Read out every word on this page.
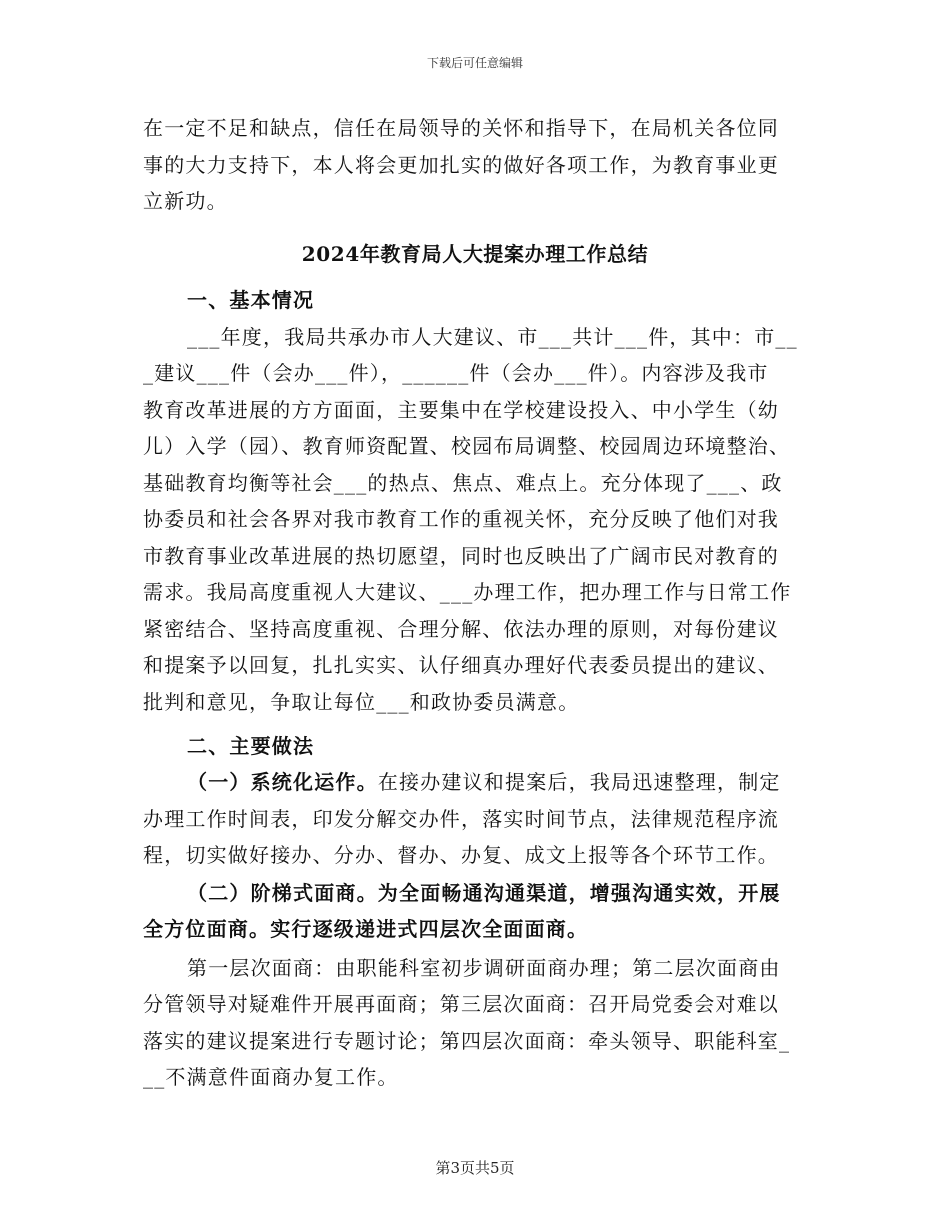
下载后可任意编辑
在一定不足和缺点，信任在局领导的关怀和指导下，在局机关各位同
事的大力支持下，本人将会更加扎实的做好各项工作，为教育事业更
立新功。
2024年教育局人大提案办理工作总结
一、基本情况
___年度，我局共承办市人大建议、市___共计___件，其中：市__
_建议___件（会办___件），______件（会办___件）。内容涉及我市
教育改革进展的方方面面，主要集中在学校建设投入、中小学生（幼
儿）入学（园）、教育师资配置、校园布局调整、校园周边环境整治、
基础教育均衡等社会___的热点、焦点、难点上。充分体现了___、政
协委员和社会各界对我市教育工作的重视关怀，充分反映了他们对我
市教育事业改革进展的热切愿望，同时也反映出了广阔市民对教育的
需求。我局高度重视人大建议、___办理工作，把办理工作与日常工作
紧密结合、坚持高度重视、合理分解、依法办理的原则，对每份建议
和提案予以回复，扎扎实实、认仔细真办理好代表委员提出的建议、
批判和意见，争取让每位___和政协委员满意。
二、主要做法
（一）系统化运作。在接办建议和提案后，我局迅速整理，制定
办理工作时间表，印发分解交办件，落实时间节点，法律规范程序流
程，切实做好接办、分办、督办、办复、成文上报等各个环节工作。
（二）阶梯式面商。为全面畅通沟通渠道，增强沟通实效，开展
全方位面商。实行逐级递进式四层次全面面商。
第一层次面商：由职能科室初步调研面商办理；第二层次面商由
分管领导对疑难件开展再面商；第三层次面商：召开局党委会对难以
落实的建议提案进行专题讨论；第四层次面商：牵头领导、职能科室_
__不满意件面商办复工作。
第3页共5页
